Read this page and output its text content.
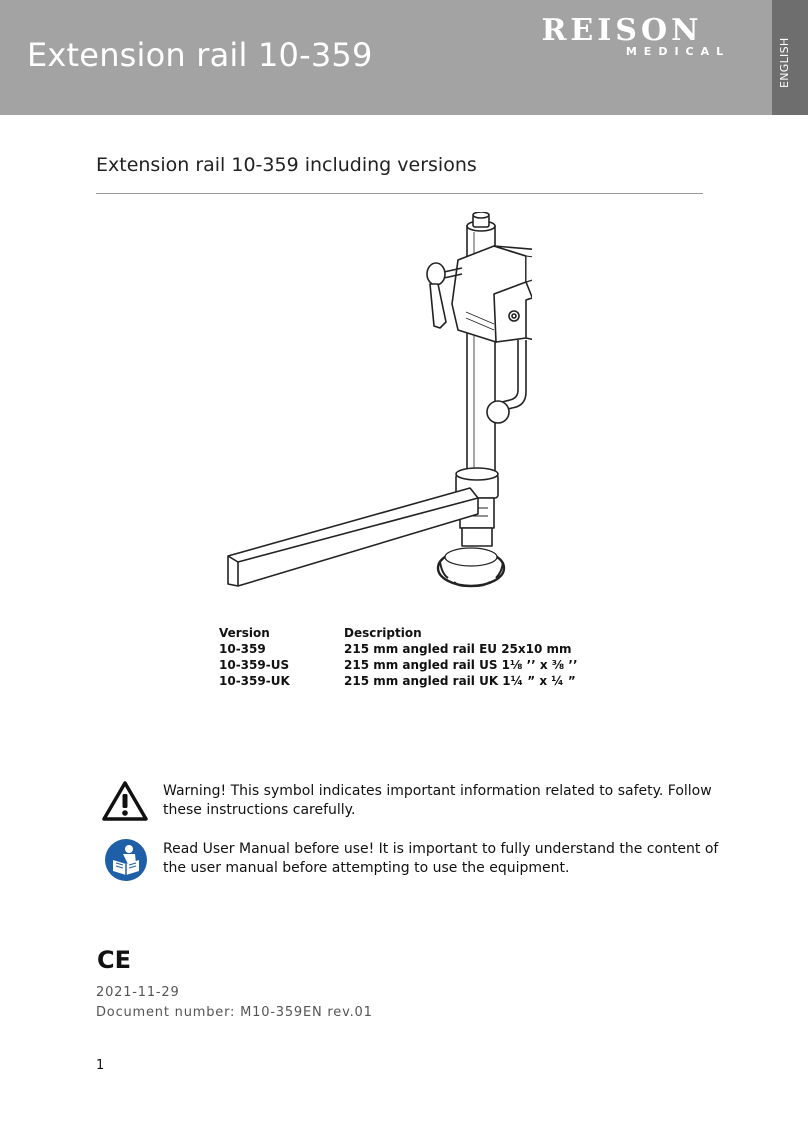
Extension rail 10-359
REISON
MEDICAL	ENGLISH
Extension rail 10-359 including versions
Version	Description
10-359	215 mm angled rail EU 25x10 mm
10-359-US	215 mm angled rail US 1⅛ ’’ x ⅜ ’’
10-359-UK	215 mm angled rail UK 1¼ ” x ¼ ”
Warning! This symbol indicates important information related to safety. Follow these instructions carefully.
Read User Manual before use! It is important to fully understand the content of the user manual before attempting to use the equipment.
CE
2021-11-29
Document number: M10-359EN rev.01
1
